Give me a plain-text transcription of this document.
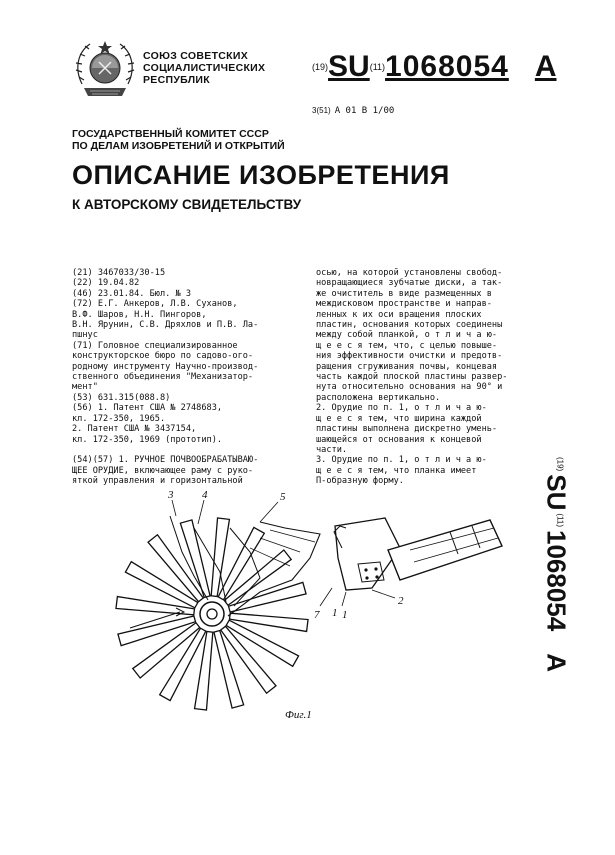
СОЮЗ СОВЕТСКИХ
СОЦИАЛИСТИЧЕСКИХ
РЕСПУБЛИК
$^{(19)}$SU$^{(11)}$1068054 A
3(51) A 01 B 1/00
ГОСУДАРСТВЕННЫЙ КОМИТЕТ СССР
ПО ДЕЛАМ ИЗОБРЕТЕНИЙ И ОТКРЫТИЙ
ОПИСАНИЕ ИЗОБРЕТЕНИЯ
К АВТОРСКОМУ СВИДЕТЕЛЬСТВУ
(21) 3467033/30-15
(22) 19.04.82
(46) 23.01.84. Бюл. № 3
(72) Е.Г. Анкеров, Л.В. Суханов,
В.Ф. Шаров, Н.Н. Пингоров,
В.Н. Ярунин, С.В. Дряхлов и П.В. Ла-
пшнус
(71) Головное специализированное
конструкторское бюро по садово-ого-
родному инструменту Научно-производ-
ственного объединения "Механизатор-
мент"
(53) 631.315(088.8)
(56) 1. Патент США № 2748683,
кл. 172-350, 1965.
2. Патент США № 3437154,
кл. 172-350, 1969 (прототип).

(54)(57) 1. РУЧНОЕ ПОЧВООБРАБАТЫВАЮ-
ЩЕЕ ОРУДИЕ, включающее раму с руко-
яткой управления и горизонтальной
осью, на которой установлены свобод-
новращающиеся зубчатые диски, а так-
же очиститель в виде размещенных в
междисковом пространстве и направ-
ленных к их оси вращения плоских
пластин, основания которых соединены
между собой планкой, о т л и ч а ю-
щ е е с я тем, что, с целью повыше-
ния эффективности очистки и предотв-
ращения сгруживания почвы, концевая
часть каждой плоской пластины развер-
нута относительно основания на 90° и
расположена вертикально.
2. Орудие по п. 1, о т л и ч а ю-
щ е е с я тем, что ширина каждой
пластины выполнена дискретно умень-
шающейся от основания к концевой
части.
3. Орудие по п. 1, о т л и ч а ю-
щ е е с я тем, что планка имеет
П-образную форму.
$^{(19)}$SU$^{(11)}$1068054A
3	4	5
1
7 1
2
Фиг.1
